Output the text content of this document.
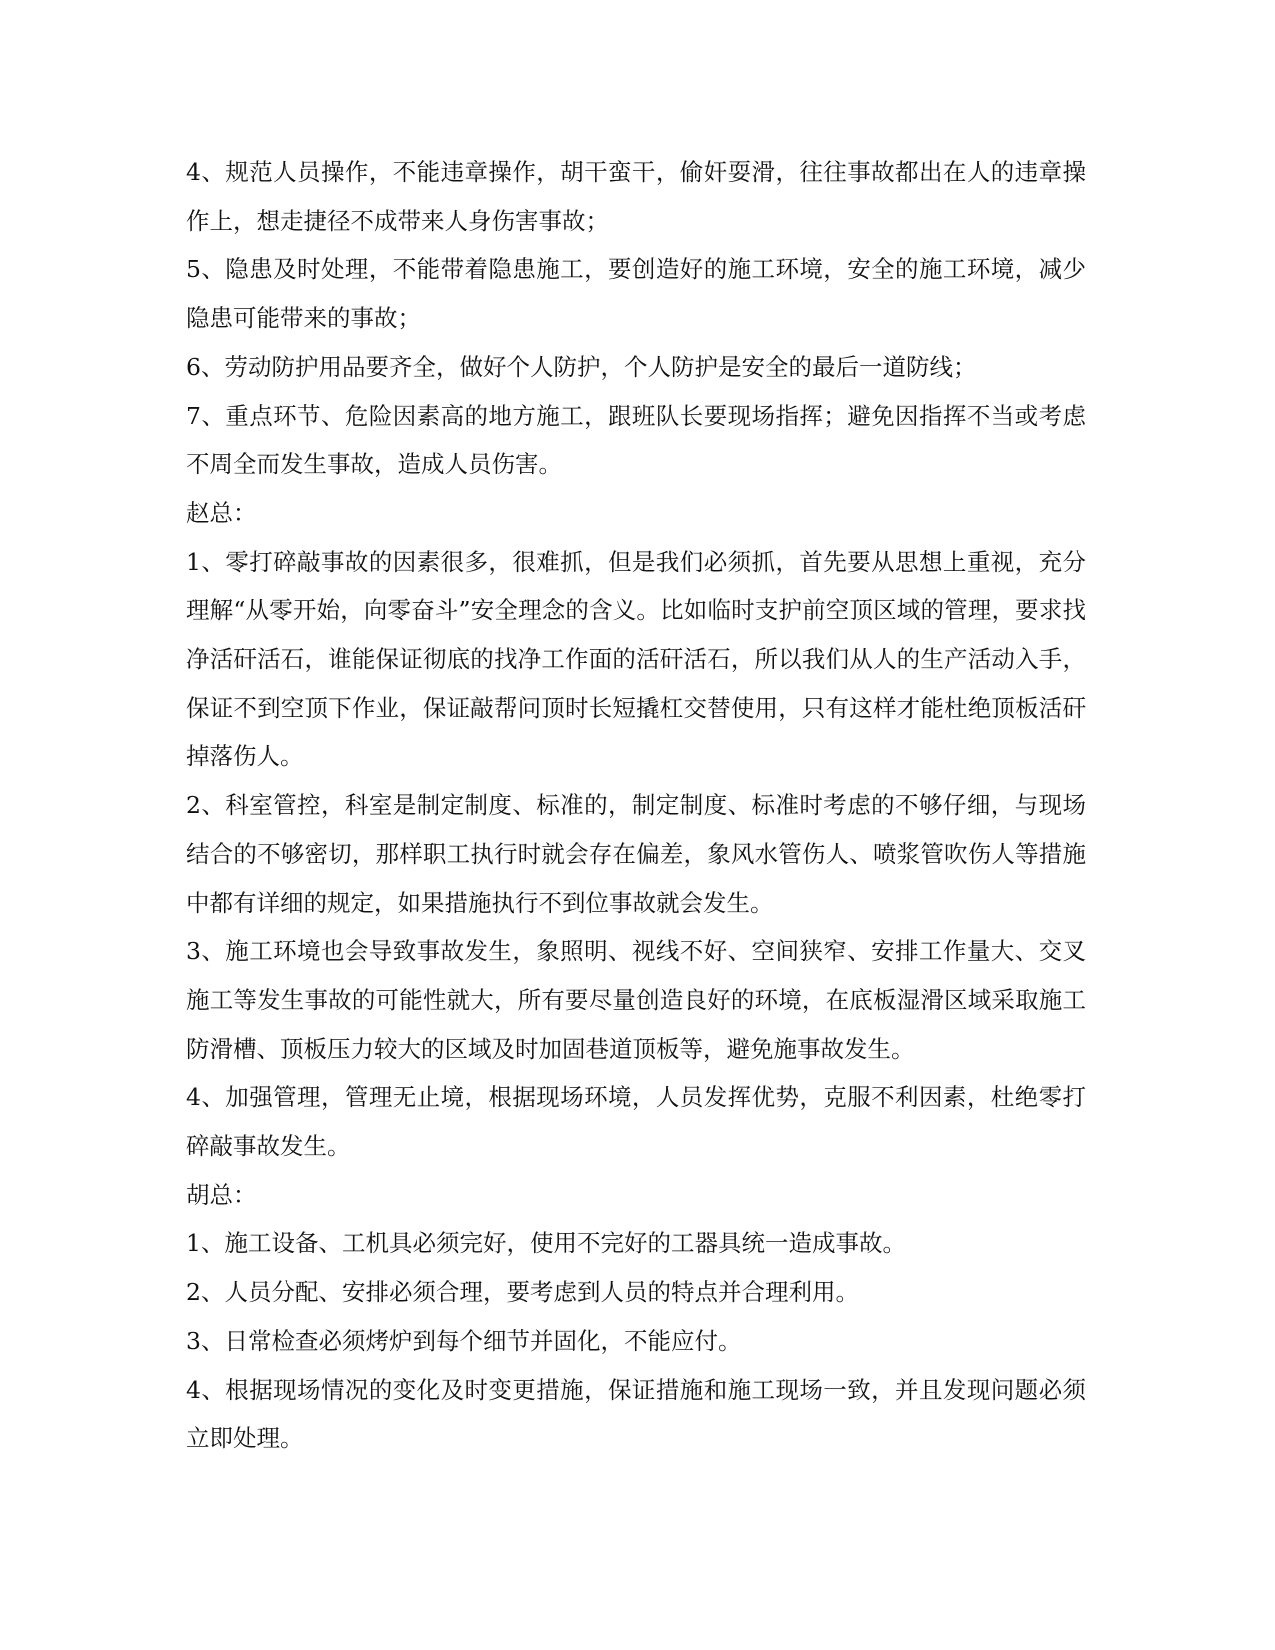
4、规范人员操作，不能违章操作，胡干蛮干，偷奸耍滑，往往事故都出在人的违章操作上，想走捷径不成带来人身伤害事故；

5、隐患及时处理，不能带着隐患施工，要创造好的施工环境，安全的施工环境，减少隐患可能带来的事故；

6、劳动防护用品要齐全，做好个人防护，个人防护是安全的最后一道防线；

7、重点环节、危险因素高的地方施工，跟班队长要现场指挥；避免因指挥不当或考虑不周全而发生事故，造成人员伤害。

赵总：

1、零打碎敲事故的因素很多，很难抓，但是我们必须抓，首先要从思想上重视，充分理解“从零开始，向零奋斗”安全理念的含义。比如临时支护前空顶区域的管理，要求找净活矸活石，谁能保证彻底的找净工作面的活矸活石，所以我们从人的生产活动入手，保证不到空顶下作业，保证敲帮问顶时长短撬杠交替使用，只有这样才能杜绝顶板活矸掉落伤人。

2、科室管控，科室是制定制度、标准的，制定制度、标准时考虑的不够仔细，与现场结合的不够密切，那样职工执行时就会存在偏差，象风水管伤人、喷浆管吹伤人等措施中都有详细的规定，如果措施执行不到位事故就会发生。

3、施工环境也会导致事故发生，象照明、视线不好、空间狭窄、安排工作量大、交叉施工等发生事故的可能性就大，所有要尽量创造良好的环境，在底板湿滑区域采取施工防滑槽、顶板压力较大的区域及时加固巷道顶板等，避免施事故发生。

4、加强管理，管理无止境，根据现场环境，人员发挥优势，克服不利因素，杜绝零打碎敲事故发生。

胡总：

1、施工设备、工机具必须完好，使用不完好的工器具统一造成事故。

2、人员分配、安排必须合理，要考虑到人员的特点并合理利用。

3、日常检查必须烤炉到每个细节并固化，不能应付。

4、根据现场情况的变化及时变更措施，保证措施和施工现场一致，并且发现问题必须立即处理。
